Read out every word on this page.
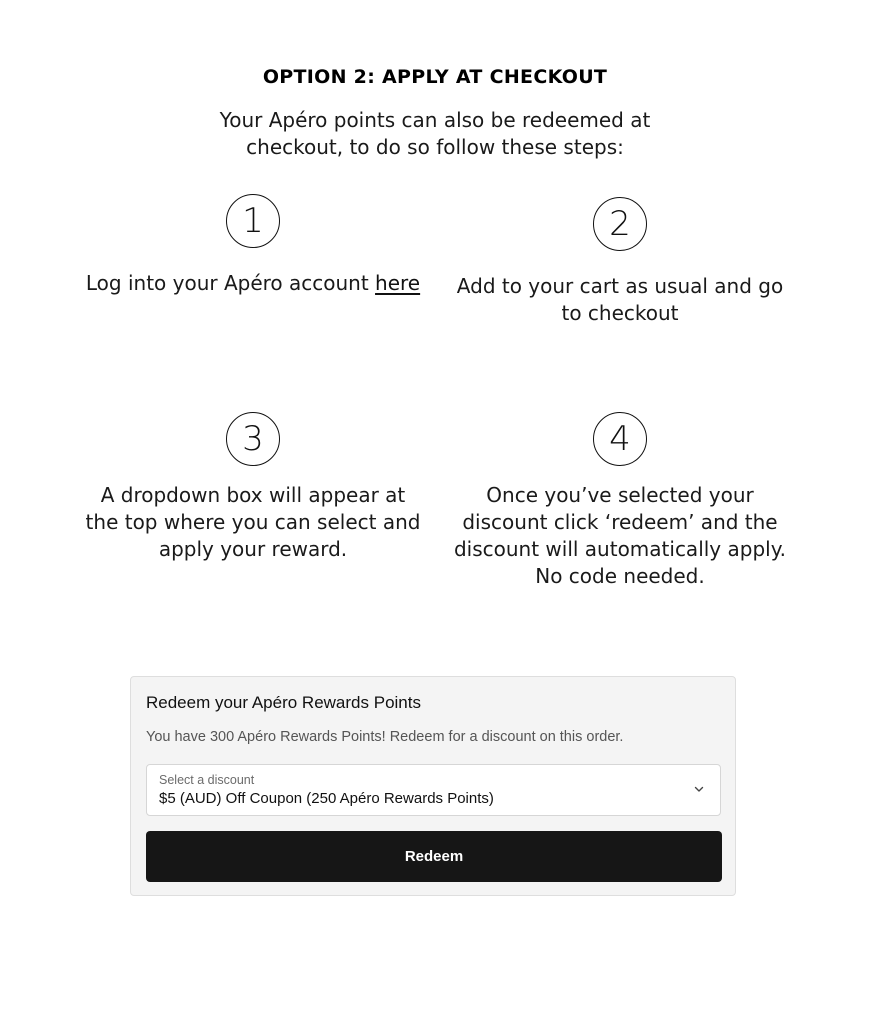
OPTION 2: APPLY AT CHECKOUT
Your Apéro points can also be redeemed at checkout, to do so follow these steps:
1
Log into your Apéro account here
2
Add to your cart as usual and go to checkout
3
A dropdown box will appear at the top where you can select and apply your reward.
4
Once you’ve selected your discount click ‘redeem’ and the discount will automatically apply. No code needed.
Redeem your Apéro Rewards Points
You have 300 Apéro Rewards Points! Redeem for a discount on this order.
Select a discount
$5 (AUD) Off Coupon (250 Apéro Rewards Points)
Redeem
